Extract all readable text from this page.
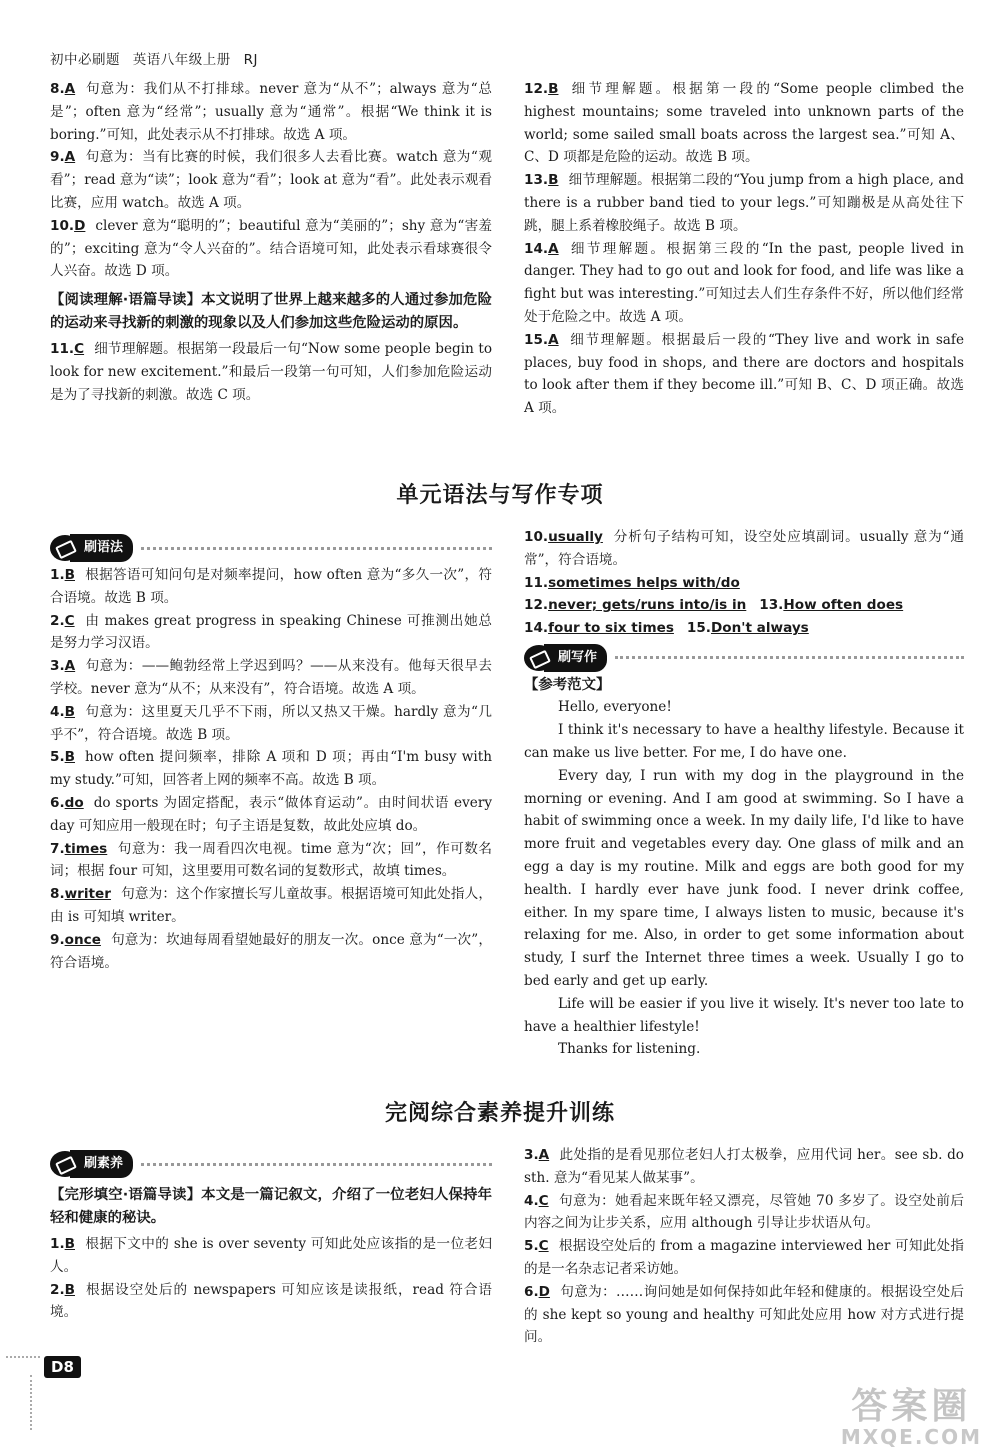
初中必刷题 英语八年级上册 RJ

8.A 句意为：我们从不打排球。never 意为“从不”；always 意为“总是”；often 意为“经常”；usually 意为“通常”。根据“We think it is boring.”可知，此处表示从不打排球。故选 A 项。

9.A 句意为：当有比赛的时候，我们很多人去看比赛。watch 意为“观看”；read 意为“读”；look 意为“看”；look at 意为“看”。此处表示观看比赛，应用 watch。故选 A 项。

10.D clever 意为“聪明的”；beautiful 意为“美丽的”；shy 意为“害羞的”；exciting 意为“令人兴奋的”。结合语境可知，此处表示看球赛很令人兴奋。故选 D 项。

【阅读理解·语篇导读】本文说明了世界上越来越多的人通过参加危险的运动来寻找新的刺激的现象以及人们参加这些危险运动的原因。

11.C 细节理解题。根据第一段最后一句“Now some people begin to look for new excitement.”和最后一段第一句可知，人们参加危险运动是为了寻找新的刺激。故选 C 项。

12.B 细节理解题。根据第一段的“Some people climbed the highest mountains; some traveled into unknown parts of the world; some sailed small boats across the largest sea.”可知 A、C、D 项都是危险的运动。故选 B 项。

13.B 细节理解题。根据第二段的“You jump from a high place, and there is a rubber band tied to your legs.”可知蹦极是从高处往下跳，腿上系着橡胶绳子。故选 B 项。

14.A 细节理解题。根据第三段的“In the past, people lived in danger. They had to go out and look for food, and life was like a fight but was interesting.”可知过去人们生存条件不好，所以他们经常处于危险之中。故选 A 项。

15.A 细节理解题。根据最后一段的“They live and work in safe places, buy food in shops, and there are doctors and hospitals to look after them if they become ill.”可知 B、C、D 项正确。故选 A 项。

单元语法与写作专项
刷语法

1.B 根据答语可知问句是对频率提问，how often 意为“多久一次”，符合语境。故选 B 项。

2.C 由 makes great progress in speaking Chinese 可推测出她总是努力学习汉语。

3.A 句意为：——鲍勃经常上学迟到吗？——从来没有。他每天很早去学校。never 意为“从不；从来没有”，符合语境。故选 A 项。

4.B 句意为：这里夏天几乎不下雨，所以又热又干燥。hardly 意为“几乎不”，符合语境。故选 B 项。

5.B how often 提问频率，排除 A 项和 D 项；再由“I'm busy with my study.”可知，回答者上网的频率不高。故选 B 项。

6.do do sports 为固定搭配，表示“做体育运动”。由时间状语 every day 可知应用一般现在时；句子主语是复数，故此处应填 do。

7.times 句意为：我一周看四次电视。time 意为“次；回”，作可数名词；根据 four 可知，这里要用可数名词的复数形式，故填 times。

8.writer 句意为：这个作家擅长写儿童故事。根据语境可知此处指人，由 is 可知填 writer。

9.once 句意为：坎迪每周看望她最好的朋友一次。once 意为“一次”，符合语境。

10.usually 分析句子结构可知，设空处应填副词。usually 意为“通常”，符合语境。

11.sometimes helps with/do

12.never; gets/runs into/is in 13.How often does

14.four to six times 15.Don't always

刷写作

【参考范文】

Hello, everyone!

I think it's necessary to have a healthy lifestyle. Because it can make us live better. For me, I do have one.

Every day, I run with my dog in the playground in the morning or evening. And I am good at swimming. So I have a habit of swimming once a week. In my daily life, I'd like to have more fruit and vegetables every day. One glass of milk and an egg a day is my routine. Milk and eggs are both good for my health. I hardly ever have junk food. I never drink coffee, either. In my spare time, I always listen to music, because it's relaxing for me. Also, in order to get some information about study, I surf the Internet three times a week. Usually I go to bed early and get up early.

Life will be easier if you live it wisely. It's never too late to have a healthier lifestyle!

Thanks for listening.

完阅综合素养提升训练
刷素养

【完形填空·语篇导读】本文是一篇记叙文，介绍了一位老妇人保持年轻和健康的秘诀。

1.B 根据下文中的 she is over seventy 可知此处应该指的是一位老妇人。

2.B 根据设空处后的 newspapers 可知应该是读报纸，read 符合语境。

3.A 此处指的是看见那位老妇人打太极拳，应用代词 her。see sb. do sth. 意为“看见某人做某事”。

4.C 句意为：她看起来既年轻又漂亮，尽管她 70 多岁了。设空处前后内容之间为让步关系，应用 although 引导让步状语从句。

5.C 根据设空处后的 from a magazine interviewed her 可知此处指的是一名杂志记者采访她。

6.D 句意为：……询问她是如何保持如此年轻和健康的。根据设空处后的 she kept so young and healthy 可知此处应用 how 对方式进行提问。

D8
答案圈
MXQE.COM
